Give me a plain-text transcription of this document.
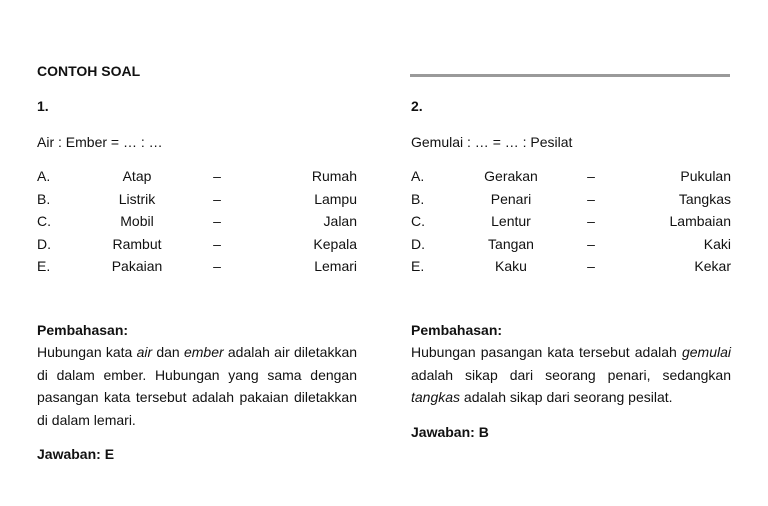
CONTOH SOAL
1.
Air : Ember = … : …
A.	Atap	–	Rumah
B.	Listrik	–	Lampu
C.	Mobil	–	Jalan
D.	Rambut	–	Kepala
E.	Pakaian	–	Lemari
Pembahasan:
Hubungan kata air dan ember adalah air diletakkan di dalam ember. Hubungan yang sama dengan pasangan kata tersebut adalah pakaian diletakkan di dalam lemari.
Jawaban: E
2.
Gemulai : … = … : Pesilat
A.	Gerakan	–	Pukulan
B.	Penari	–	Tangkas
C.	Lentur	–	Lambaian
D.	Tangan	–	Kaki
E.	Kaku	–	Kekar
Pembahasan:
Hubungan pasangan kata tersebut adalah gemulai adalah sikap dari seorang penari, sedangkan tangkas adalah sikap dari seorang pesilat.
Jawaban: B
